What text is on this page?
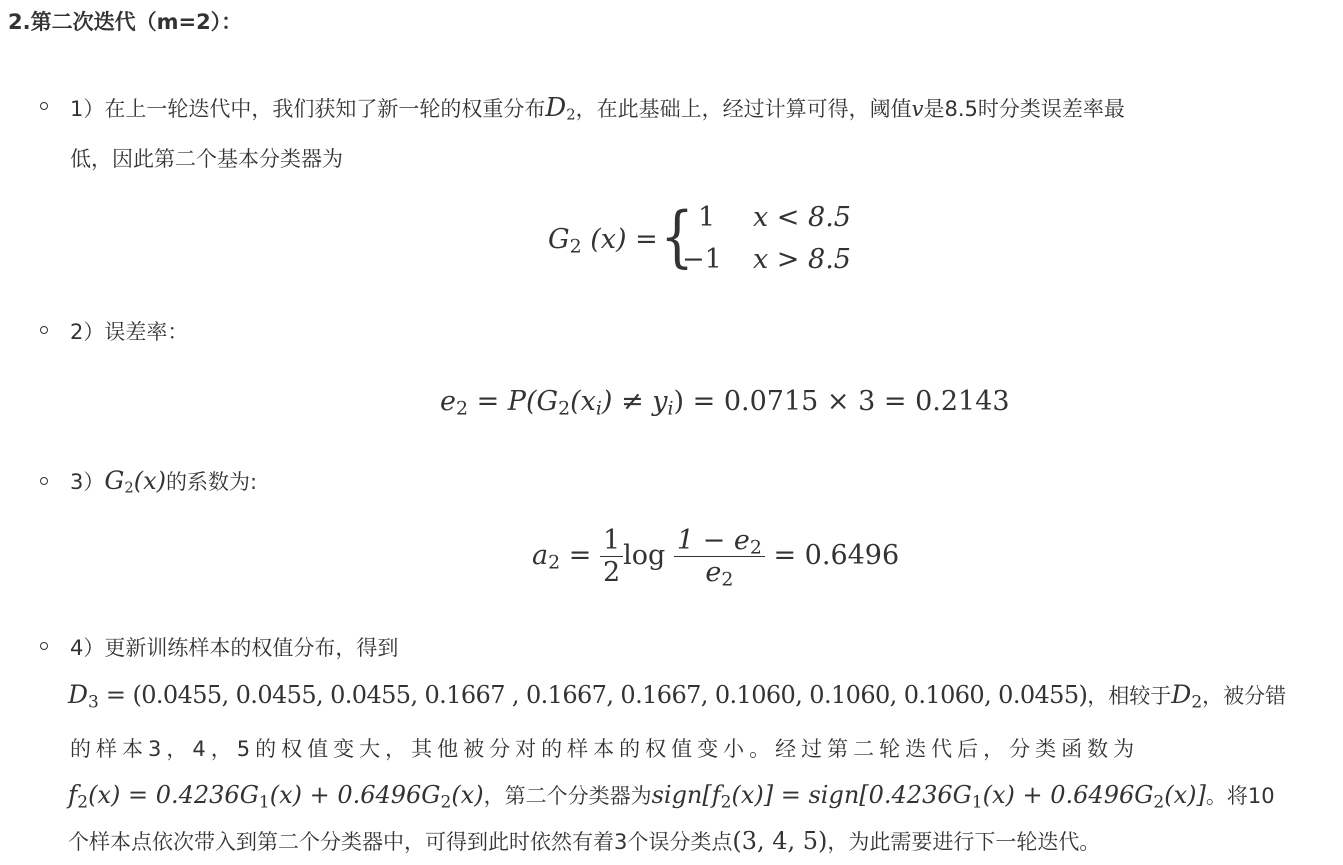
2.第二次迭代（m=2）：
1）在上一轮迭代中，我们获知了新一轮的权重分布$D_2$，在此基础上，经过计算可得，阈值v是8.5时分类误差率最
低，因此第二个基本分类器为
$G_2$ (x) = { 1
−1
x < 8.5
x > 8.5
2）误差率：
$e_2 = P(G_2(x_i) \ne y_i) = 0.0715 \times 3 = 0.2143$
$3)G_2(x)$的系数为:
$a_2 = \frac{1}{2}$ $\log \frac{1 - e_2}{e_2} = 0.6496$
4）更新训练样本的权值分布，得到
$D_3 = (0.0455$, 0.0455, 0.0455, 0.1667 , 0.1667, 0.1667, 0.1060, 0.1060, 0.1060, 0.0455)，相较于$D_2$，被分错
的样本3，4，5的权值变大，其他被分对的样本的权值变小。经过第二轮迭代后，分类函数为
$f_2(x) = 0.4236G_1(x) + 0.6496G_2(x)$，第二个分类器为$sign[f_2(x)]$ = $sign[0.4236G_1(x) + 0.6496G_2(x)]$。将10
个样本点依次带入到第二个分类器中，可得到此时依然有着3个误分类点(3, 4, 5)，为此需要进行下一轮迭代。
